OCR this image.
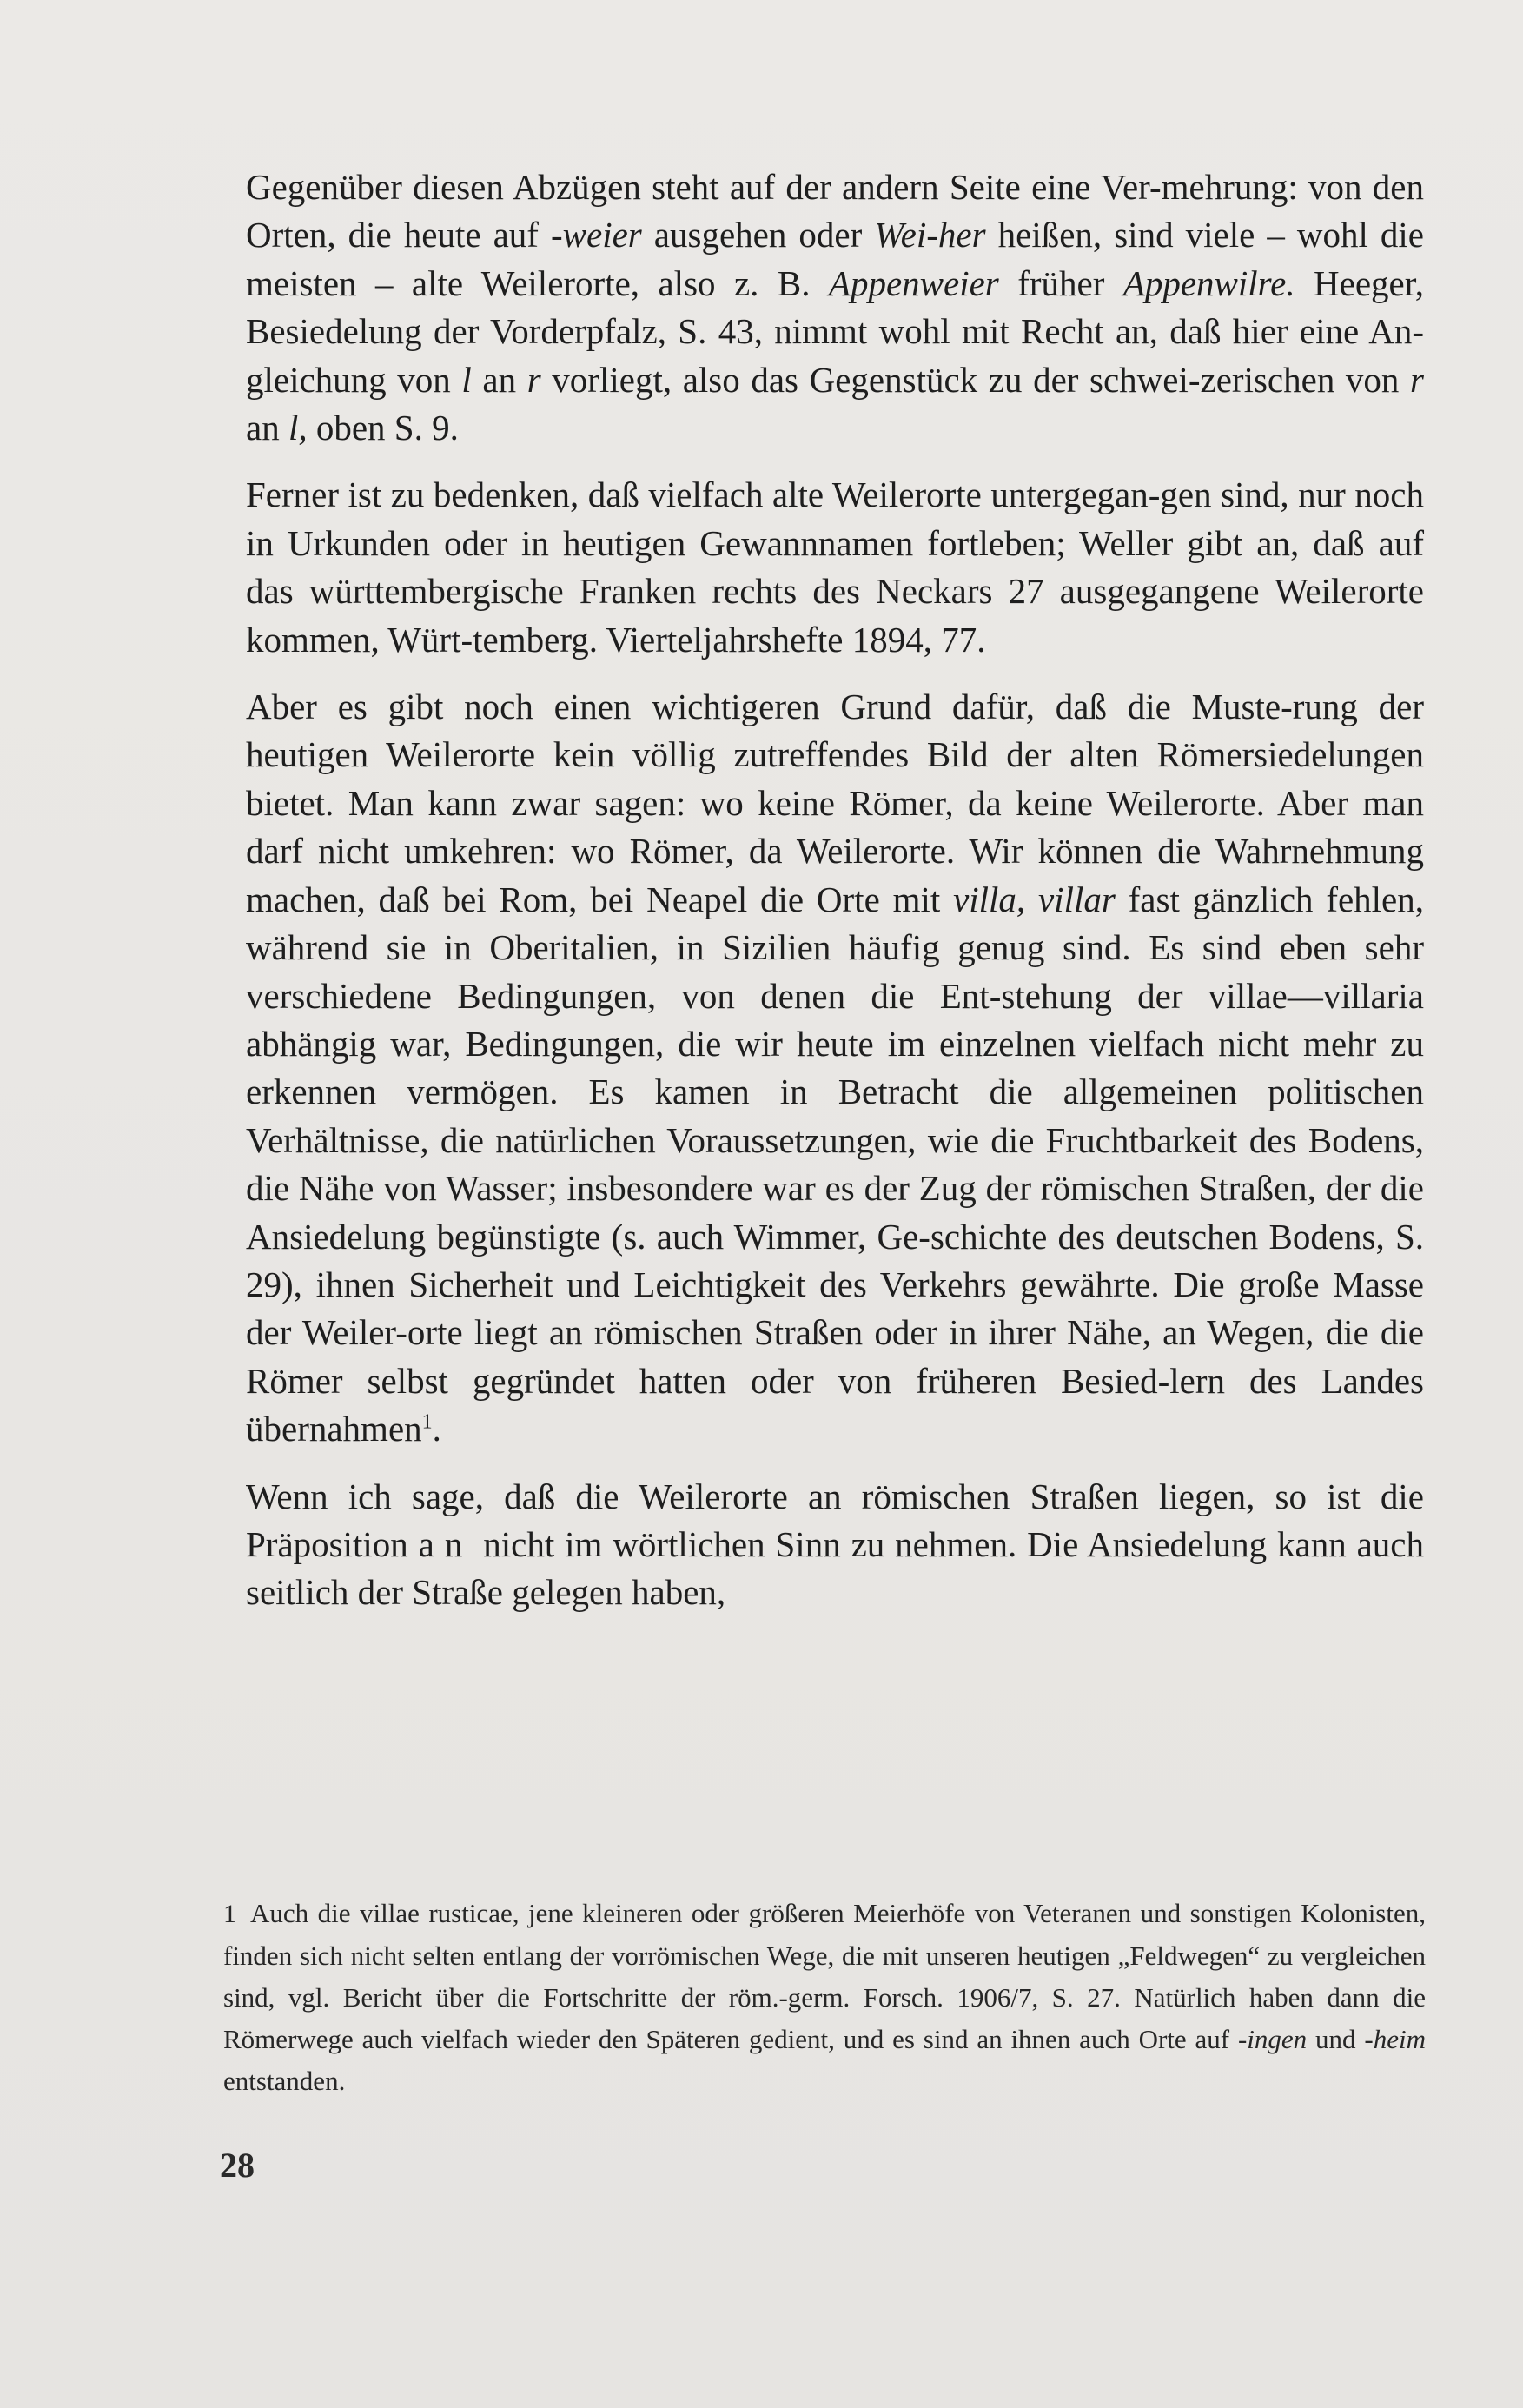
Gegenüber diesen Abzügen steht auf der andern Seite eine Ver-mehrung: von den Orten, die heute auf -weier ausgehen oder Wei-her heißen, sind viele – wohl die meisten – alte Weilerorte, also z. B. Appenweier früher Appenwilre. Heeger, Besiedelung der Vorderpfalz, S. 43, nimmt wohl mit Recht an, daß hier eine An-gleichung von l an r vorliegt, also das Gegenstück zu der schwei-zerischen von r an l, oben S. 9.

Ferner ist zu bedenken, daß vielfach alte Weilerorte untergegan-gen sind, nur noch in Urkunden oder in heutigen Gewannnamen fortleben; Weller gibt an, daß auf das württembergische Franken rechts des Neckars 27 ausgegangene Weilerorte kommen, Würt-temberg. Vierteljahrshefte 1894, 77.

Aber es gibt noch einen wichtigeren Grund dafür, daß die Muste-rung der heutigen Weilerorte kein völlig zutreffendes Bild der alten Römersiedelungen bietet. Man kann zwar sagen: wo keine Römer, da keine Weilerorte. Aber man darf nicht umkehren: wo Römer, da Weilerorte. Wir können die Wahrnehmung machen, daß bei Rom, bei Neapel die Orte mit villa, villar fast gänzlich fehlen, während sie in Oberitalien, in Sizilien häufig genug sind. Es sind eben sehr verschiedene Bedingungen, von denen die Ent-stehung der villae—villaria abhängig war, Bedingungen, die wir heute im einzelnen vielfach nicht mehr zu erkennen vermögen. Es kamen in Betracht die allgemeinen politischen Verhältnisse, die natürlichen Voraussetzungen, wie die Fruchtbarkeit des Bodens, die Nähe von Wasser; insbesondere war es der Zug der römischen Straßen, der die Ansiedelung begünstigte (s. auch Wimmer, Ge-schichte des deutschen Bodens, S. 29), ihnen Sicherheit und Leichtigkeit des Verkehrs gewährte. Die große Masse der Weiler-orte liegt an römischen Straßen oder in ihrer Nähe, an Wegen, die die Römer selbst gegründet hatten oder von früheren Besied-lern des Landes übernahmen$^1$.

Wenn ich sage, daß die Weilerorte an römischen Straßen liegen, so ist die Präposition an nicht im wörtlichen Sinn zu nehmen. Die Ansiedelung kann auch seitlich der Straße gelegen haben,

1 Auch die villae rusticae, jene kleineren oder größeren Meierhöfe von Veteranen und sonstigen Kolonisten, finden sich nicht selten entlang der vorrömischen Wege, die mit unseren heutigen „Feldwegen“ zu vergleichen sind, vgl. Bericht über die Fortschritte der röm.-germ. Forsch. 1906/7, S. 27. Natürlich haben dann die Römerwege auch vielfach wieder den Späteren gedient, und es sind an ihnen auch Orte auf -ingen und -heim entstanden.

28
